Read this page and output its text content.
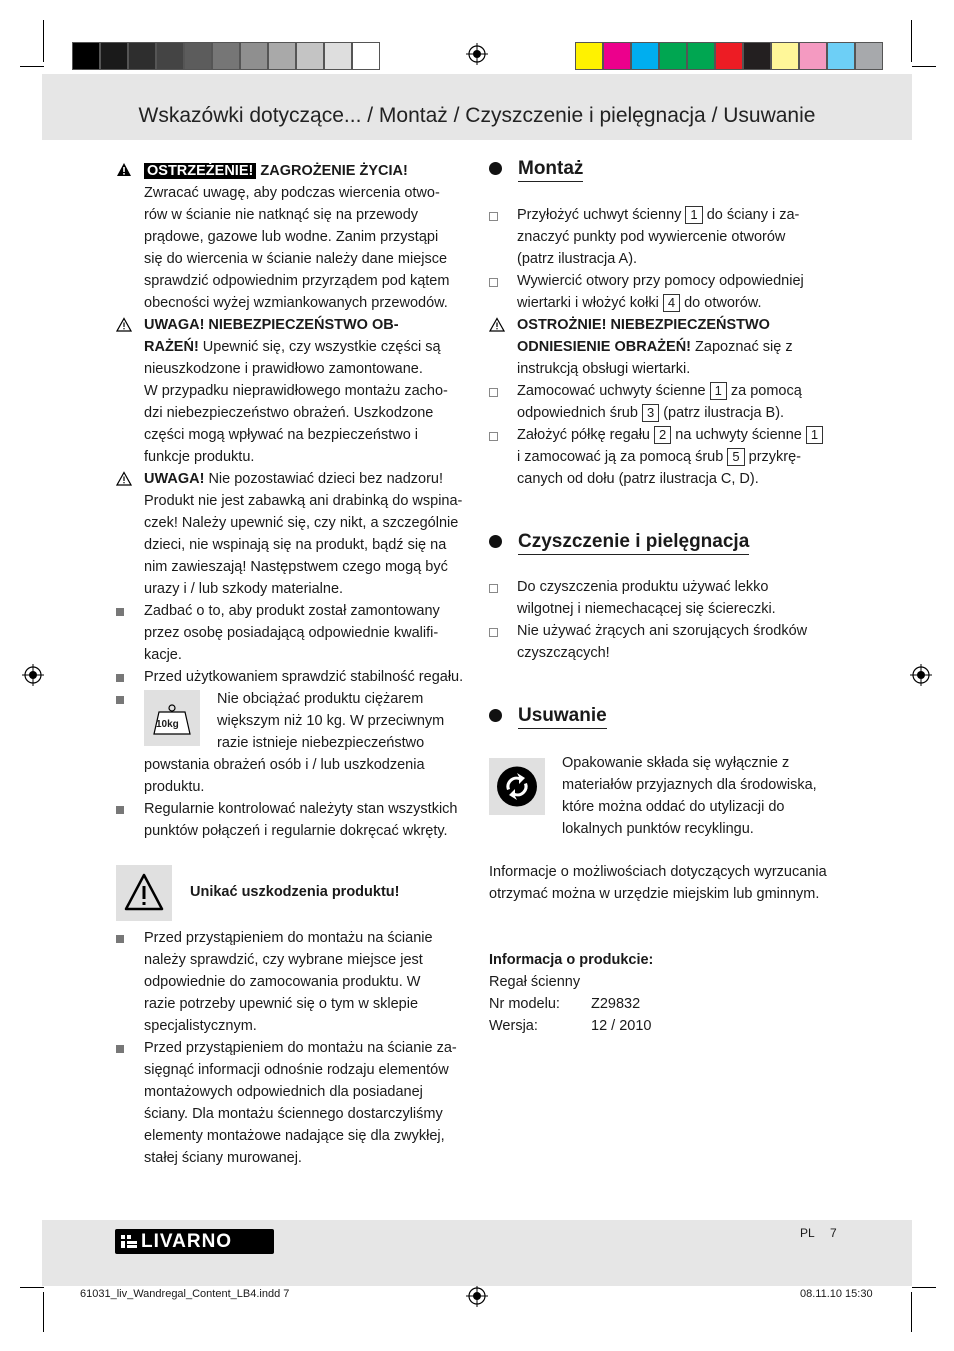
Wskazówki dotyczące... / Montaż / Czyszczenie i pielęgnacja / Usuwanie
OSTRZEŻENIE! ZAGROŻENIE ŻYCIA!
Zwracać uwagę, aby podczas wiercenia otwo-
rów w ścianie nie natknąć się na przewody
prądowe, gazowe lub wodne. Zanim przystąpi
się do wiercenia w ścianie należy dane miejsce
sprawdzić odpowiednim przyrządem pod kątem
obecności wyżej wzmiankowanych przewodów.
UWAGA! NIEBEZPIECZEŃSTWO OB-
RAŻEŃ! Upewnić się, czy wszystkie części są
nieuszkodzone i prawidłowo zamontowane.
W przypadku nieprawidłowego montażu zacho-
dzi niebezpieczeństwo obrażeń. Uszkodzone
części mogą wpływać na bezpieczeństwo i
funkcje produktu.
UWAGA! Nie pozostawiać dzieci bez nadzoru!
Produkt nie jest zabawką ani drabinką do wspina-
czek! Należy upewnić się, czy nikt, a szczególnie
dzieci, nie wspinają się na produkt, bądź się na
nim zawieszają! Następstwem czego mogą być
urazy i / lub szkody materialne.
Zadbać o to, aby produkt został zamontowany
przez osobę posiadającą odpowiednie kwalifi-
kacje.
Przed użytkowaniem sprawdzić stabilność regału.
10kg
Nie obciążać produktu ciężarem
większym niż 10 kg. W przeciwnym
razie istnieje niebezpieczeństwo
powstania obrażeń osób i / lub uszkodzenia
produktu.
Regularnie kontrolować należyty stan wszystkich
punktów połączeń i regularnie dokręcać wkręty.
Unikać uszkodzenia produktu!
Przed przystąpieniem do montażu na ścianie
należy sprawdzić, czy wybrane miejsce jest
odpowiednie do zamocowania produktu. W
razie potrzeby upewnić się o tym w sklepie
specjalistycznym.
Przed przystąpieniem do montażu na ścianie za-
sięgnąć informacji odnośnie rodzaju elementów
montażowych odpowiednich dla posiadanej
ściany. Dla montażu ściennego dostarczyliśmy
elementy montażowe nadające się dla zwykłej,
stałej ściany murowanej.
Montaż
Przyłożyć uchwyt ścienny 1 do ściany i za-
znaczyć punkty pod wywiercenie otworów
(patrz ilustracja A).
Wywiercić otwory przy pomocy odpowiedniej
wiertarki i włożyć kołki 4 do otworów.
OSTROŻNIE! NIEBEZPIECZEŃSTWO
ODNIESIENIE OBRAŻEŃ! Zapoznać się z
instrukcją obsługi wiertarki.
Zamocować uchwyty ścienne 1 za pomocą
odpowiednich śrub 3 (patrz ilustracja B).
Założyć półkę regału 2 na uchwyty ścienne 1
i zamocować ją za pomocą śrub 5 przykrę-
canych od dołu (patrz ilustracja C, D).
Czyszczenie i pielęgnacja
Do czyszczenia produktu używać lekko
wilgotnej i niemechacącej się ściereczki.
Nie używać żrących ani szorujących środków
czyszczących!
Usuwanie
Opakowanie składa się wyłącznie z
materiałów przyjaznych dla środowiska,
które można oddać do utylizacji do
lokalnych punktów recyklingu.
Informacje o możliwościach dotyczących wyrzucania
otrzymać można w urzędzie miejskim lub gminnym.
Informacja o produkcie:
Regał ścienny
Nr modelu: Z29832
Wersja:	12 / 2010
LIVARNO	PL 7
61031_liv_Wandregal_Content_LB4.indd 7	08.11.10 15:30
